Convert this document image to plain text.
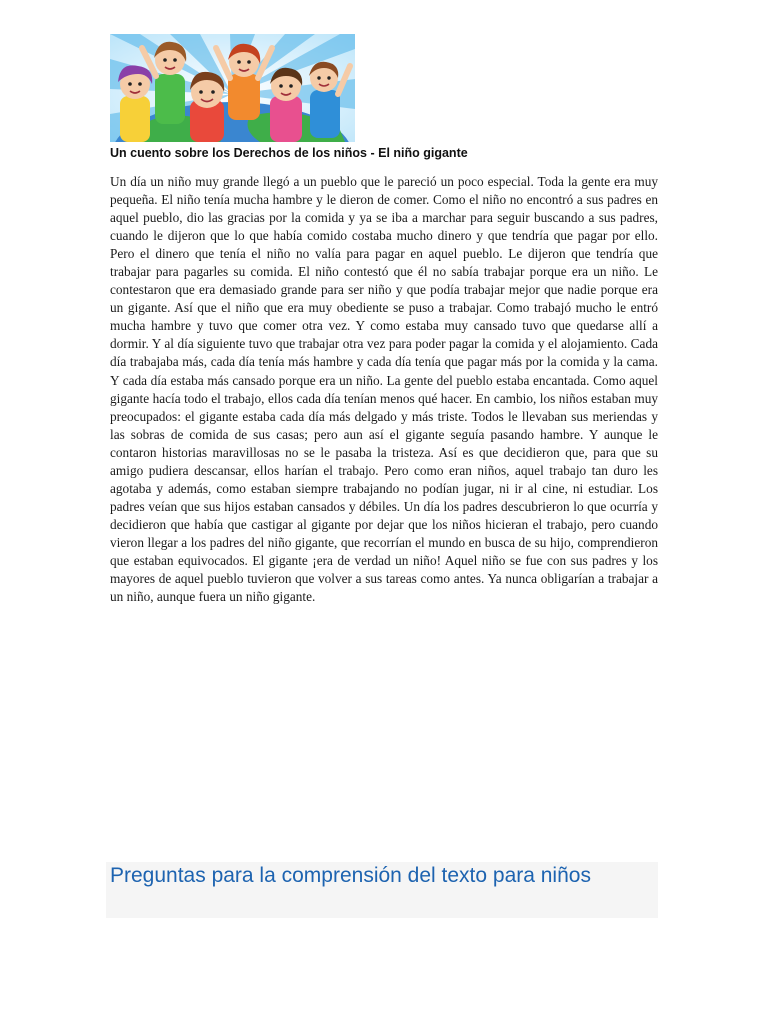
Un cuento sobre los Derechos de los niños - El niño gigante

Un día un niño muy grande llegó a un pueblo que le pareció un poco especial. Toda la gente era muy pequeña. El niño tenía mucha hambre y le dieron de comer. Como el niño no encontró a sus padres en aquel pueblo, dio las gracias por la comida y ya se iba a marchar para seguir buscando a sus padres, cuando le dijeron que lo que había comido costaba mucho dinero y que tendría que pagar por ello. Pero el dinero que tenía el niño no valía para pagar en aquel pueblo. Le dijeron que tendría que trabajar para pagarles su comida. El niño contestó que él no sabía trabajar porque era un niño. Le contestaron que era demasiado grande para ser niño y que podía trabajar mejor que nadie porque era un gigante. Así que el niño que era muy obediente se puso a trabajar. Como trabajó mucho le entró mucha hambre y tuvo que comer otra vez. Y como estaba muy cansado tuvo que quedarse allí a dormir. Y al día siguiente tuvo que trabajar otra vez para poder pagar la comida y el alojamiento. Cada día trabajaba más, cada día tenía más hambre y cada día tenía que pagar más por la comida y la cama. Y cada día estaba más cansado porque era un niño. La gente del pueblo estaba encantada. Como aquel gigante hacía todo el trabajo, ellos cada día tenían menos qué hacer. En cambio, los niños estaban muy preocupados: el gigante estaba cada día más delgado y más triste. Todos le llevaban sus meriendas y las sobras de comida de sus casas; pero aun así el gigante seguía pasando hambre. Y aunque le contaron historias maravillosas no se le pasaba la tristeza. Así es que decidieron que, para que su amigo pudiera descansar, ellos harían el trabajo. Pero como eran niños, aquel trabajo tan duro les agotaba y además, como estaban siempre trabajando no podían jugar, ni ir al cine, ni estudiar. Los padres veían que sus hijos estaban cansados y débiles. Un día los padres descubrieron lo que ocurría y decidieron que había que castigar al gigante por dejar que los niños hicieran el trabajo, pero cuando vieron llegar a los padres del niño gigante, que recorrían el mundo en busca de su hijo, comprendieron que estaban equivocados. El gigante ¡era de verdad un niño! Aquel niño se fue con sus padres y los mayores de aquel pueblo tuvieron que volver a sus tareas como antes. Ya nunca obligarían a trabajar a un niño, aunque fuera un niño gigante.

Preguntas para la comprensión del texto para niños
